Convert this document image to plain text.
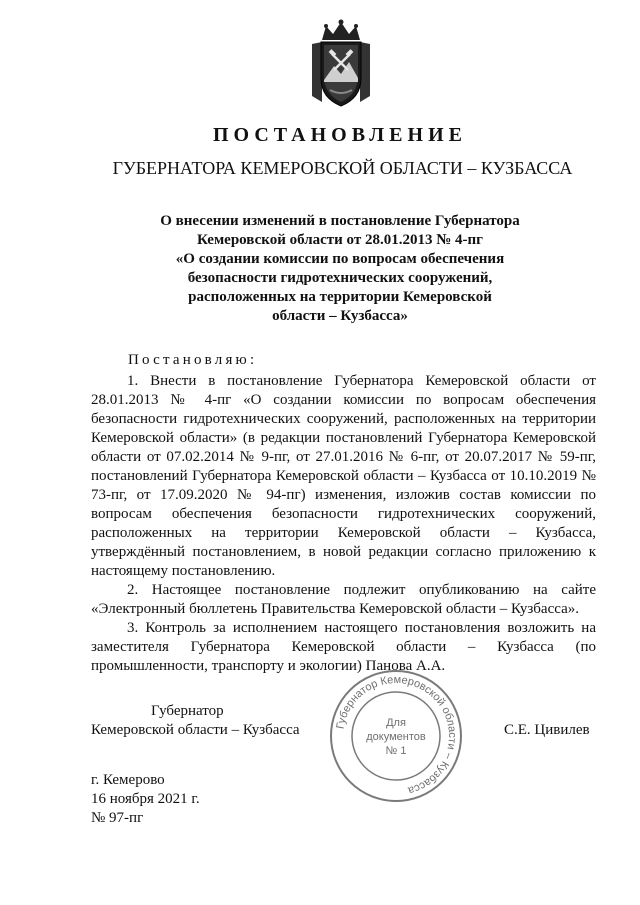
ПОСТАНОВЛЕНИЕ
ГУБЕРНАТОРА КЕМЕРОВСКОЙ ОБЛАСТИ – КУЗБАССА
О внесении изменений в постановление Губернатора
Кемеровской области от 28.01.2013 № 4-пг
«О создании комиссии по вопросам обеспечения
безопасности гидротехнических сооружений,
расположенных на территории Кемеровской
области – Кузбасса»
Постановляю:

1. Внести в постановление Губернатора Кемеровской области от 28.01.2013 № 4-пг «О создании комиссии по вопросам обеспечения безопасности гидротехнических сооружений, расположенных на территории Кемеровской области» (в редакции постановлений Губернатора Кемеровской области от 07.02.2014 № 9-пг, от 27.01.2016 № 6-пг, от 20.07.2017 № 59-пг, постановлений Губернатора Кемеровской области – Кузбасса от 10.10.2019 № 73-пг, от 17.09.2020 № 94-пг) изменения, изложив состав комиссии по вопросам обеспечения безопасности гидротехнических сооружений, расположенных на территории Кемеровской области – Кузбасса, утверждённый постановлением, в новой редакции согласно приложению к настоящему постановлению.

2. Настоящее постановление подлежит опубликованию на сайте «Электронный бюллетень Правительства Кемеровской области – Кузбасса».

3. Контроль за исполнением настоящего постановления возложить на заместителя Губернатора Кемеровской области – Кузбасса (по промышленности, транспорту и экологии) Панова А.А.

Губернатор
Кемеровской области – Кузбасса	Губернатор Кемеровской области – Кузбасса
Для
документов
№ 1
С.Е. Цивилев
г. Кемерово
16 ноября 2021 г.
№ 97-пг
